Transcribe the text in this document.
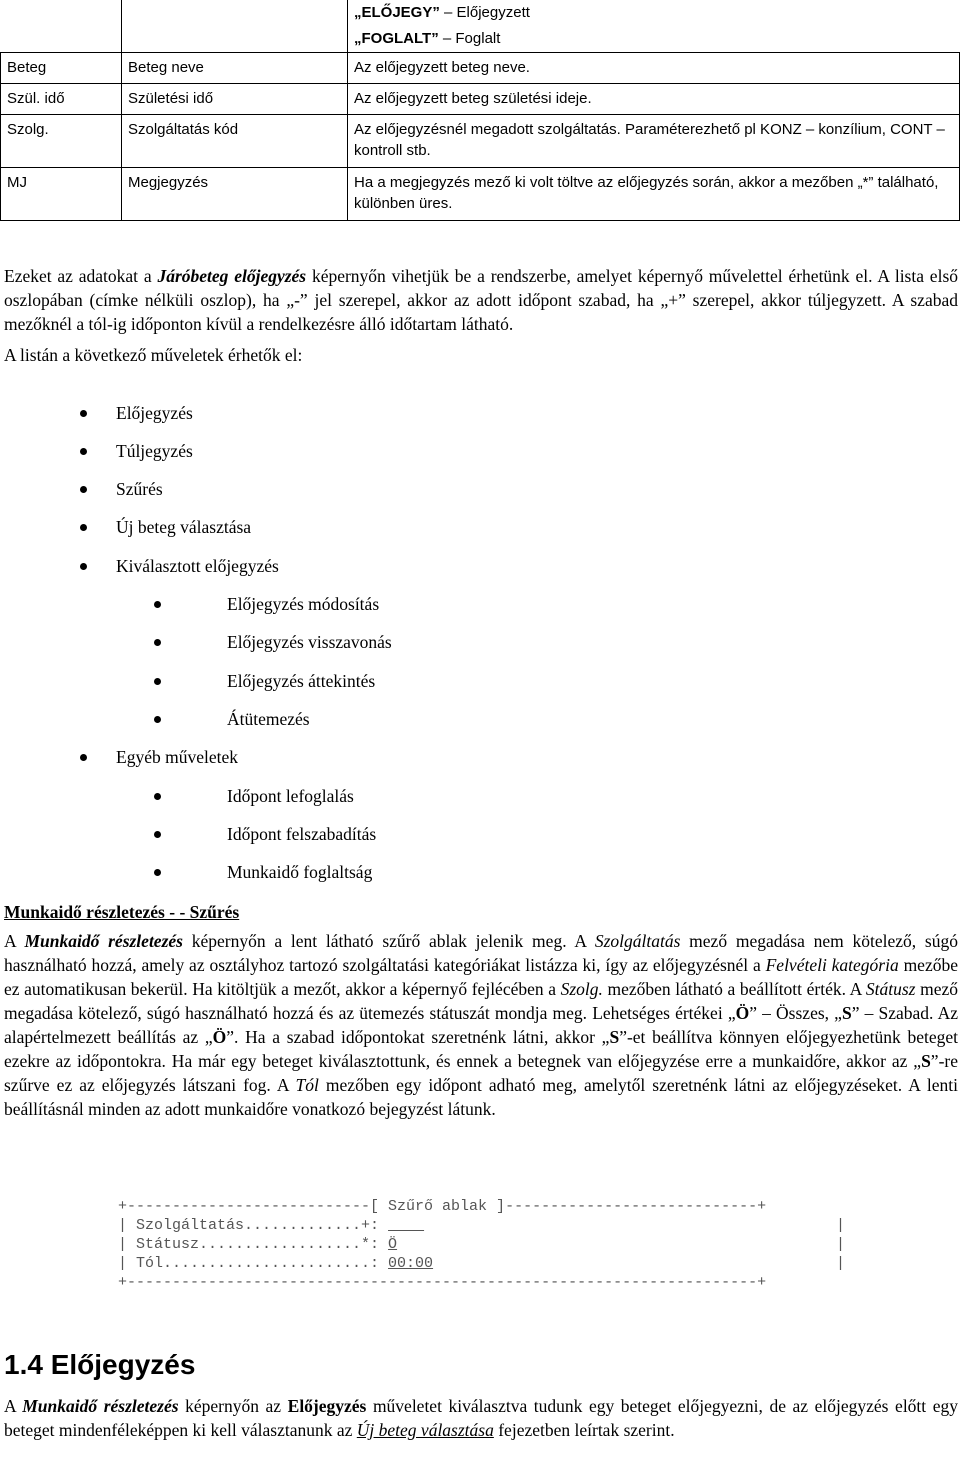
		„ELŐJEGY” – Előjegyzett
„FOGLALT” – Foglalt

Beteg	Beteg neve	Az előjegyzett beteg neve.
Szül. idő	Születési idő	Az előjegyzett beteg születési ideje.
Szolg.	Szolgáltatás kód	Az előjegyzésnél megadott szolgáltatás. Paraméterezhető pl KONZ – konzílium, CONT – kontroll stb.
MJ	Megjegyzés	Ha a megjegyzés mező ki volt töltve az előjegyzés során, akkor a mezőben „*” található, különben üres.
Ezeket az adatokat a Járóbeteg előjegyzés képernyőn vihetjük be a rendszerbe, amelyet képernyő művelettel érhetünk el. A lista első oszlopában (címke nélküli oszlop), ha „-” jel szerepel, akkor az adott időpont szabad, ha „+” szerepel, akkor túljegyzett. A szabad mezőknél a tól-ig időponton kívül a rendelkezésre álló időtartam látható.
A listán a következő műveletek érhetők el:
Előjegyzés
Túljegyzés
Szűrés
Új beteg választása
Kiválasztott előjegyzés
Előjegyzés módosítás
Előjegyzés visszavonás
Előjegyzés áttekintés
Átütemezés
Egyéb műveletek
Időpont lefoglalás
Időpont felszabadítás
Munkaidő foglaltság
Munkaidő részletezés - - Szűrés
A Munkaidő részletezés képernyőn a lent látható szűrő ablak jelenik meg. A Szolgáltatás mező megadása nem kötelező, súgó használható hozzá, amely az osztályhoz tartozó szolgáltatási kategóriákat listázza ki, így az előjegyzésnél a Felvételi kategória mezőbe ez automatikusan bekerül. Ha kitöltjük a mezőt, akkor a képernyő fejlécében a Szolg. mezőben látható a beállított érték. A Státusz mező megadása kötelező, súgó használható hozzá és az ütemezés státuszát mondja meg. Lehetséges értékei „Ö” – Összes, „S” – Szabad. Az alapértelmezett beállítás az „Ö”. Ha a szabad időpontokat szeretnénk látni, akkor „S”-et beállítva könnyen előjegyezhetünk beteget ezekre az időpontokra. Ha már egy beteget kiválasztottunk, és ennek a betegnek van előjegyzése erre a munkaidőre, akkor az „S”-re szűrve ez az előjegyzés látszani fog. A Tól mezőben egy időpont adható meg, amelytől szeretnénk látni az előjegyzéseket. A lenti beállításnál minden az adott munkaidőre vonatkozó bejegyzést látunk.
+---------------------------[ Szűrő ablak ]----------------------------+
| Szolgáltatás.............+:	|
| Státusz..................*: Ö	|
| Tól.......................: 00:00	|
+----------------------------------------------------------------------+
1.4 Előjegyzés
A Munkaidő részletezés képernyőn az Előjegyzés műveletet kiválasztva tudunk egy beteget előjegyezni, de az előjegyzés előtt egy beteget mindenféleképpen ki kell választanunk az Új beteg választása fejezetben leírtak szerint.
